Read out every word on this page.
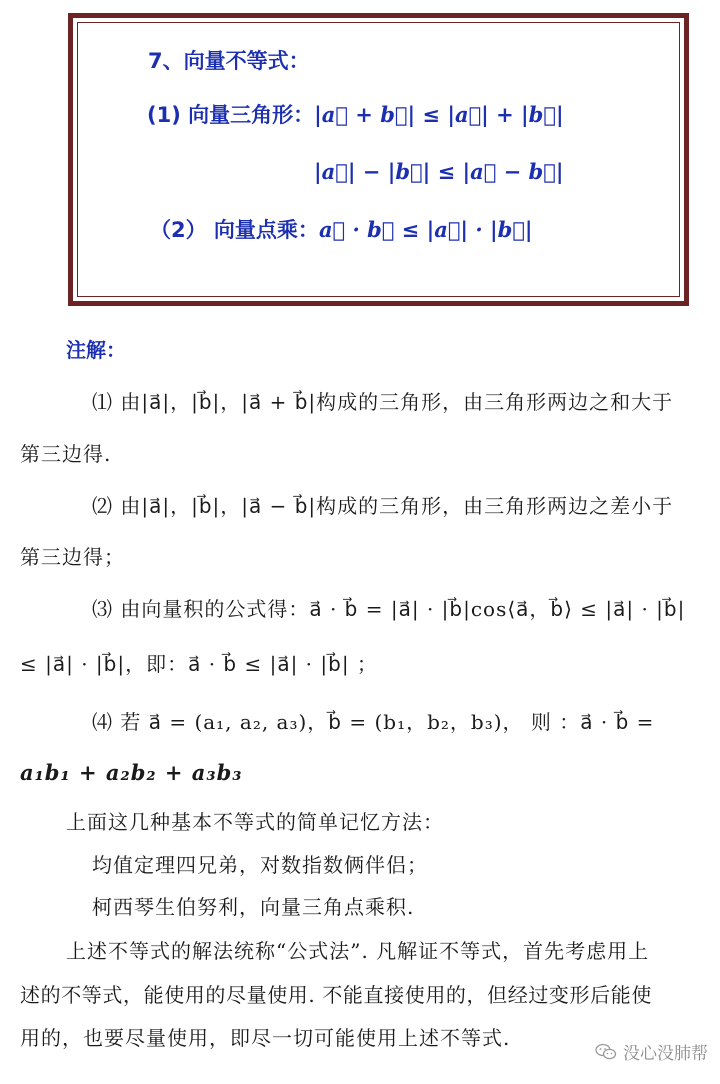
7、向量不等式：
(1) 向量三角形：|a⃗ + b⃗| ≤ |a⃗| + |b⃗|
|a⃗| − |b⃗| ≤ |a⃗ − b⃗|
（2） 向量点乘：a⃗ · b⃗ ≤ |a⃗| · |b⃗|
注解：
⑴ 由|a⃗|，|b⃗|，|a⃗ + b⃗|构成的三角形，由三角形两边之和大于
第三边得.
⑵ 由|a⃗|，|b⃗|，|a⃗ − b⃗|构成的三角形，由三角形两边之差小于
第三边得；
⑶ 由向量积的公式得：a⃗ · b⃗ = |a⃗| · |b⃗|cos⟨a⃗，b⃗⟩ ≤ |a⃗| · |b⃗|
≤ |a⃗| · |b⃗|，即：a⃗ · b⃗ ≤ |a⃗| · |b⃗| ；
⑷ 若 a⃗ = (a₁, a₂, a₃)，b⃗ = (b₁，b₂，b₃)， 则 ：a⃗ · b⃗ =
a₁b₁ + a₂b₂ + a₃b₃
上面这几种基本不等式的简单记忆方法：
均值定理四兄弟，对数指数俩伴侣；
柯西琴生伯努利，向量三角点乘积.
上述不等式的解法统称“公式法”. 凡解证不等式，首先考虑用上
述的不等式，能使用的尽量使用. 不能直接使用的，但经过变形后能使
用的，也要尽量使用，即尽一切可能使用上述不等式.
没心没肺帮
